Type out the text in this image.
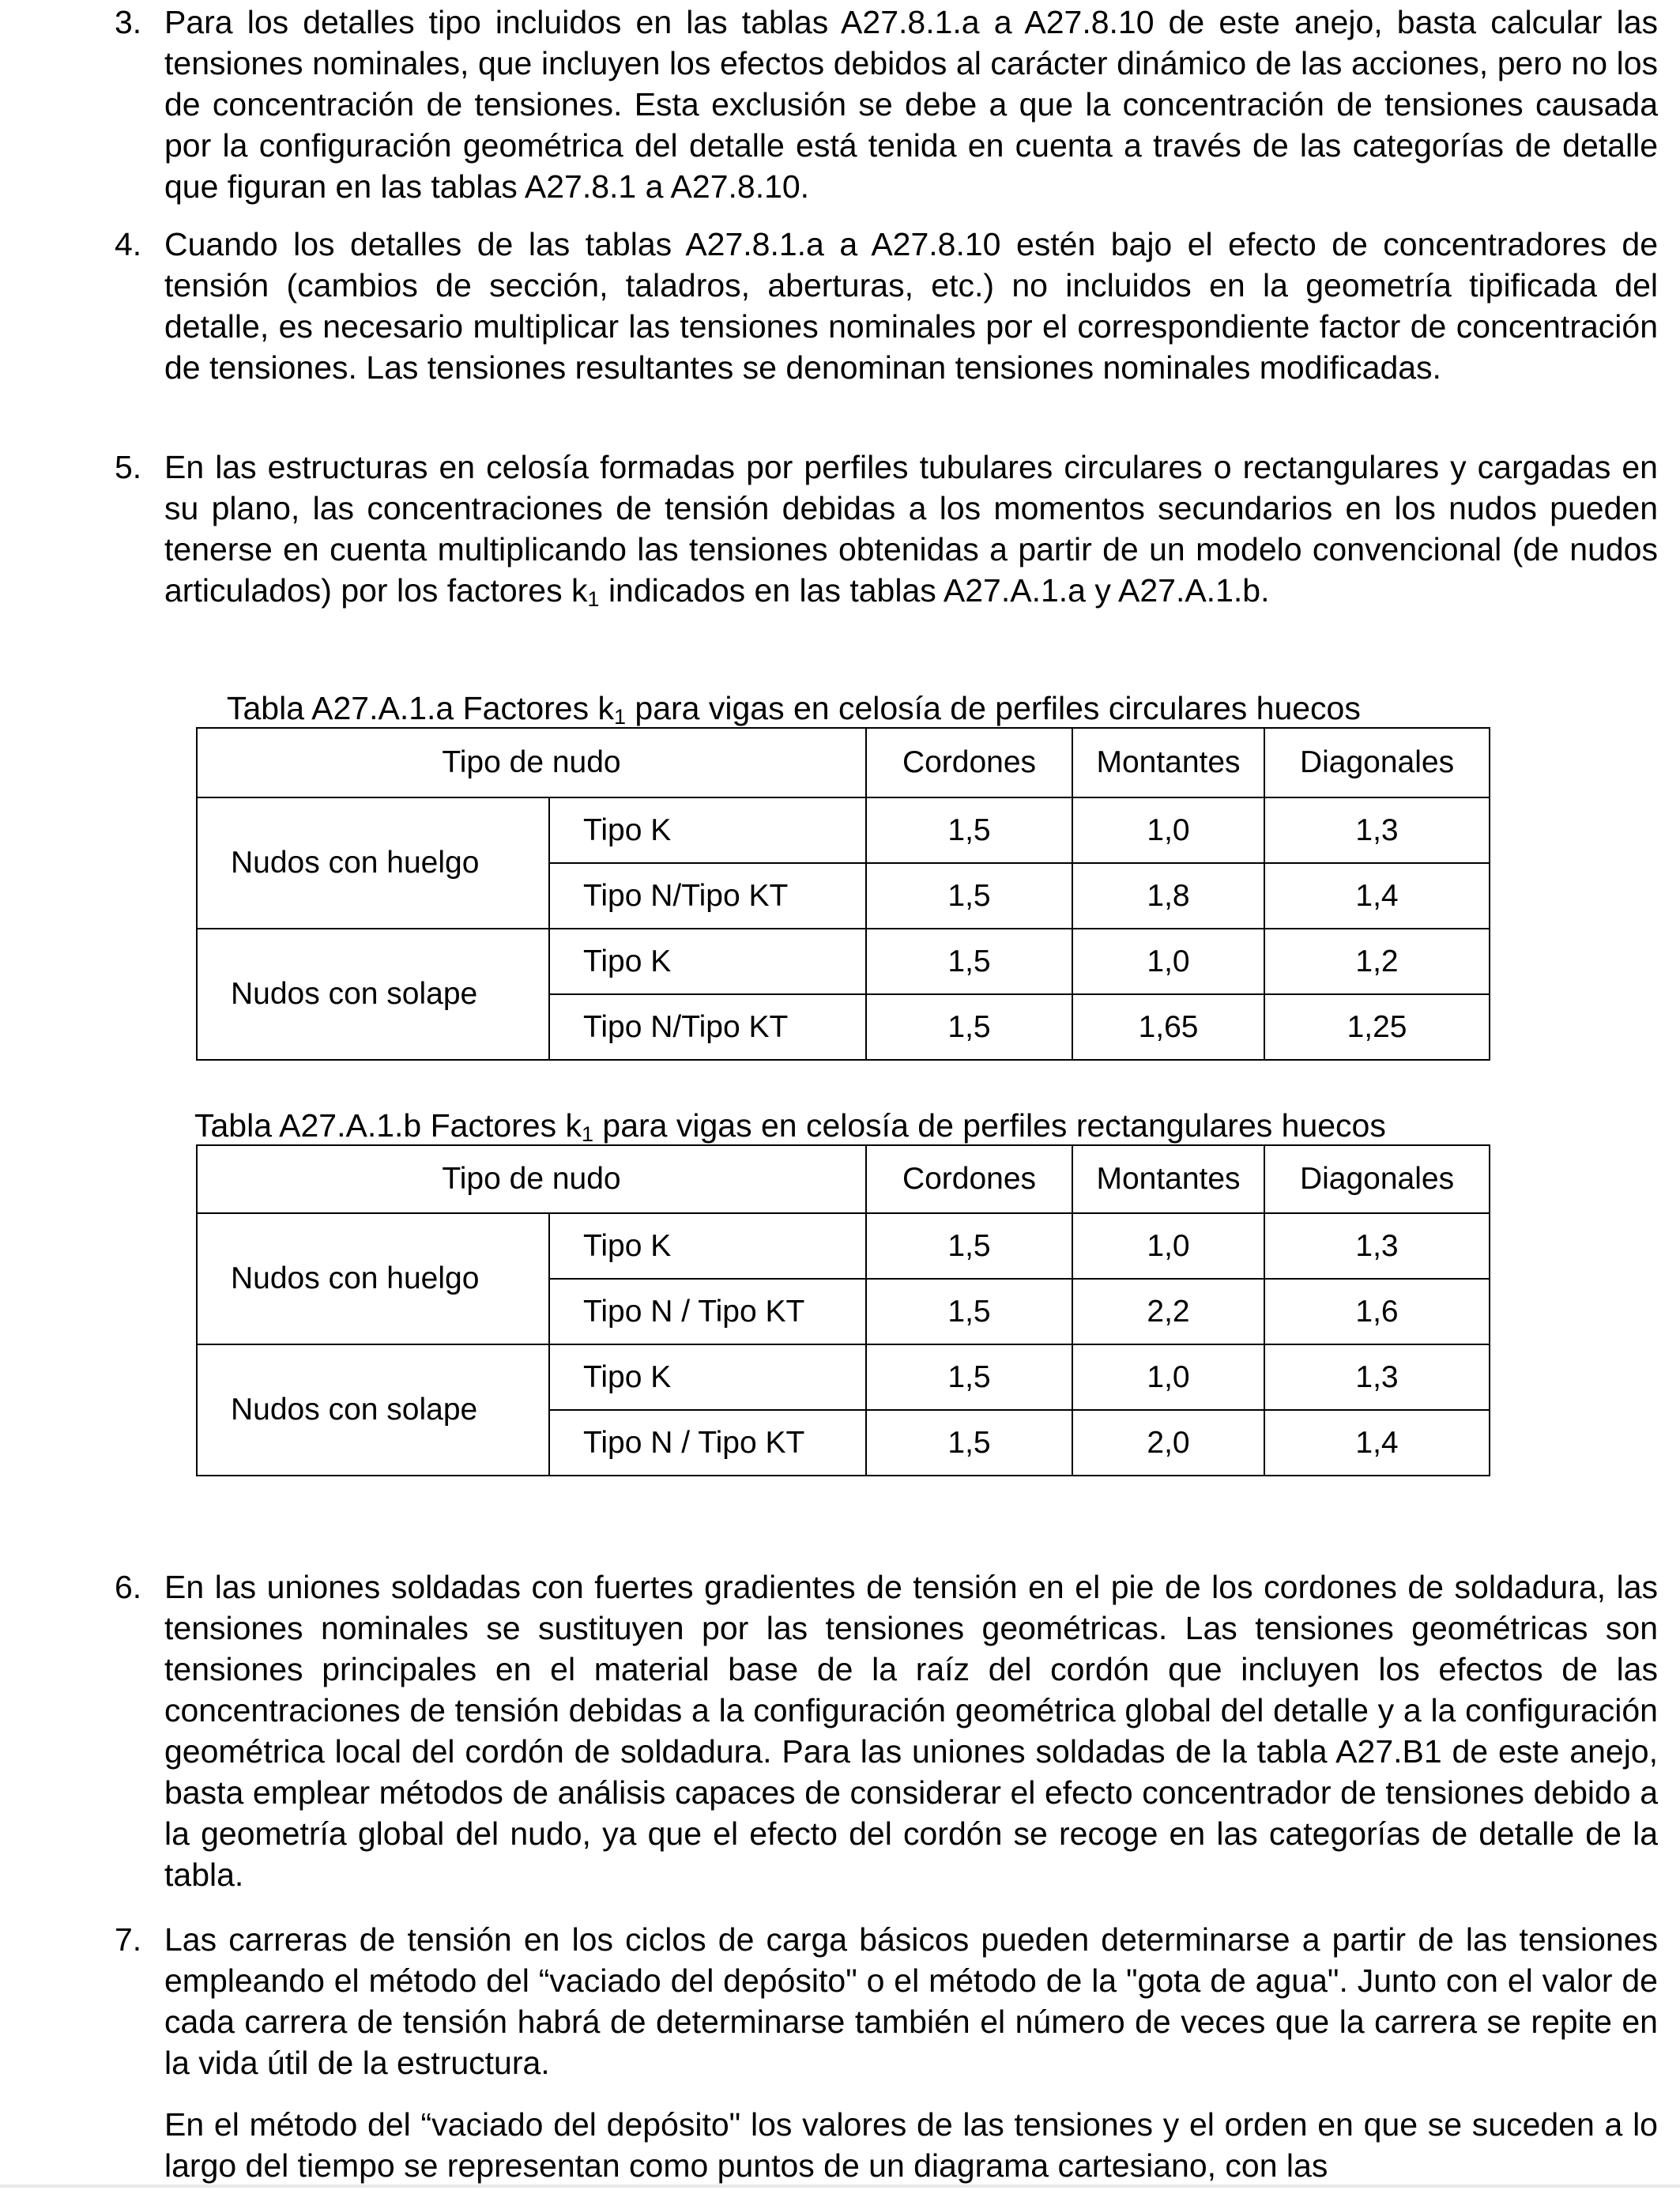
3. Para los detalles tipo incluidos en las tablas A27.8.1.a a A27.8.10 de este anejo, basta calcular las tensiones nominales, que incluyen los efectos debidos al carácter dinámico de las acciones, pero no los de concentración de tensiones. Esta exclusión se debe a que la concentración de tensiones causada por la configuración geométrica del detalle está tenida en cuenta a través de las categorías de detalle que figuran en las tablas A27.8.1 a A27.8.10.
4. Cuando los detalles de las tablas A27.8.1.a a A27.8.10 estén bajo el efecto de concentradores de tensión (cambios de sección, taladros, aberturas, etc.) no incluidos en la geometría tipificada del detalle, es necesario multiplicar las tensiones nominales por el correspondiente factor de concentración de tensiones. Las tensiones resultantes se denominan tensiones nominales modificadas.
5. En las estructuras en celosía formadas por perfiles tubulares circulares o rectangulares y cargadas en su plano, las concentraciones de tensión debidas a los momentos secundarios en los nudos pueden tenerse en cuenta multiplicando las tensiones obtenidas a partir de un modelo convencional (de nudos articulados) por los factores $k_1$ indicados en las tablas A27.A.1.a y A27.A.1.b.
Tabla A27.A.1.a Factores $k_1$ para vigas en celosía de perfiles circulares huecos
Tipo de nudo		Cordones	Montantes	Diagonales
Nudos con huelgo	Tipo K	1,5	1,0	1,3
	Tipo N/Tipo KT	1,5	1,8	1,4
Nudos con solape	Tipo K	1,5	1,0	1,2
	Tipo N/Tipo KT	1,5	1,65	1,25
Tabla A27.A.1.b Factores $k_1$ para vigas en celosía de perfiles rectangulares huecos
Tipo de nudo		Cordones	Montantes	Diagonales
Nudos con huelgo	Tipo K	1,5	1,0	1,3
	Tipo N / Tipo KT	1,5	2,2	1,6
Nudos con solape	Tipo K	1,5	1,0	1,3
	Tipo N / Tipo KT	1,5	2,0	1,4
6. En las uniones soldadas con fuertes gradientes de tensión en el pie de los cordones de soldadura, las tensiones nominales se sustituyen por las tensiones geométricas. Las tensiones geométricas son tensiones principales en el material base de la raíz del cordón que incluyen los efectos de las concentraciones de tensión debidas a la configuración geométrica global del detalle y a la configuración geométrica local del cordón de soldadura. Para las uniones soldadas de la tabla A27.B1 de este anejo, basta emplear métodos de análisis capaces de considerar el efecto concentrador de tensiones debido a la geometría global del nudo, ya que el efecto del cordón se recoge en las categorías de detalle de la tabla.
7. Las carreras de tensión en los ciclos de carga básicos pueden determinarse a partir de las tensiones empleando el método del “vaciado del depósito" o el método de la "gota de agua". Junto con el valor de cada carrera de tensión habrá de determinarse también el número de veces que la carrera se repite en la vida útil de la estructura.
En el método del “vaciado del depósito" los valores de las tensiones y el orden en que se suceden a lo largo del tiempo se representan como puntos de un diagrama cartesiano, con las
